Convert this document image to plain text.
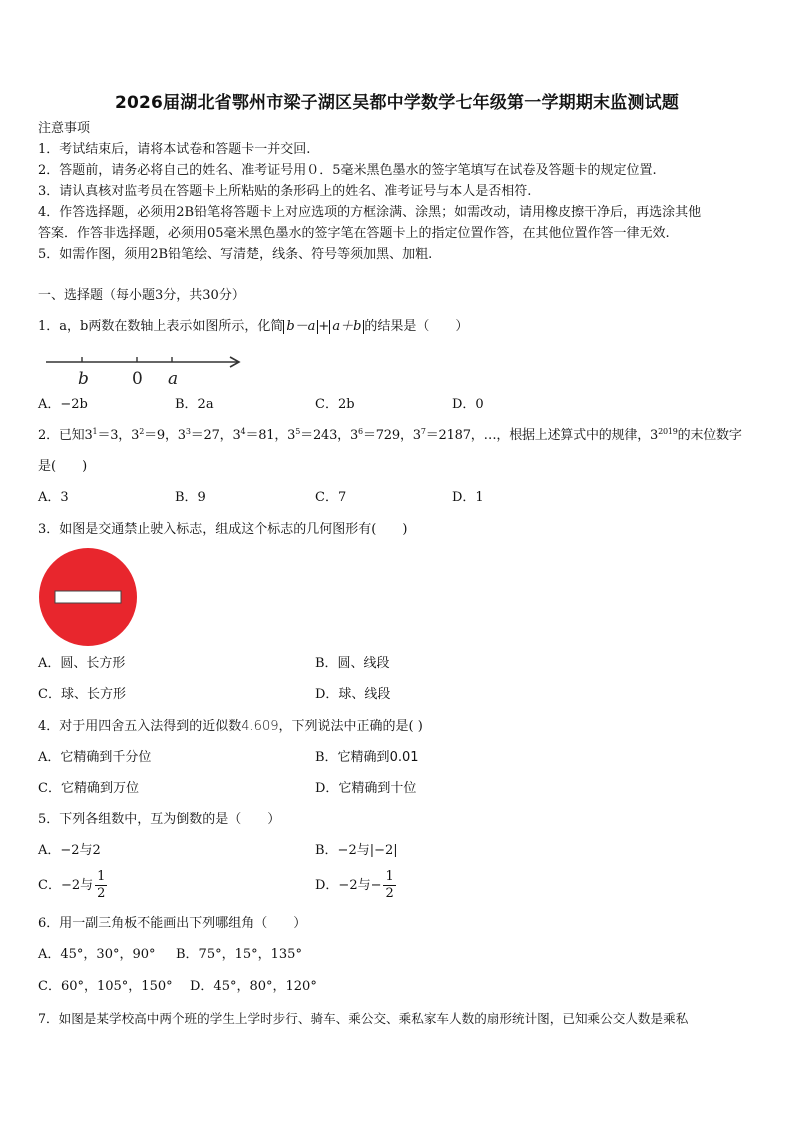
2026届湖北省鄂州市梁子湖区吴都中学数学七年级第一学期期末监测试题
注意事项
1．考试结束后，请将本试卷和答题卡一并交回.
2．答题前，请务必将自己的姓名、准考证号用０．5毫米黑色墨水的签字笔填写在试卷及答题卡的规定位置.
3．请认真核对监考员在答题卡上所粘贴的条形码上的姓名、准考证号与本人是否相符.
4．作答选择题，必须用2B铅笔将答题卡上对应选项的方框涂满、涂黑；如需改动，请用橡皮擦干净后，再选涂其他
答案．作答非选择题，必须用05毫米黑色墨水的签字笔在答题卡上的指定位置作答，在其他位置作答一律无效.
5．如需作图，须用2B铅笔绘、写清楚，线条、符号等须加黑、加粗.
一、选择题（每小题3分，共30分）
1．a，b两数在数轴上表示如图所示，化简 b－a + a＋b 的结果是（　　）
b	0 a
A．−2b	B．2a	C．2b	D．0
2．已知$3^1=3$，$3^2=9$，$3^3=27$，$3^4=81$，$3^5=243$，$3^6=729$，$3^7=2187$，…，根据上述算式中的规律，$3^{2019}$的末位数字
是(　　)
A．3	B．9	C．7	D．1
3．如图是交通禁止驶入标志，组成这个标志的几何图形有(　　)
A．圆、长方形	B．圆、线段
C．球、长方形	D．球、线段
4．对于用四舍五入法得到的近似数4.609，下列说法中正确的是( )
A．它精确到千分位	B．它精确到0.01
C．它精确到万位	D．它精确到十位
5．下列各组数中，互为倒数的是（　　）
A．−2与2	B．−2与|−2|
C．−2与 $\frac{1}{2}$	D．−2与− $\frac{1}{2}$
6．用一副三角板不能画出下列哪组角（　　）
A．45°，30°，90° B．75°，15°，135°
C．60°，105°，150° D．45°，80°，120°
7．如图是某学校高中两个班的学生上学时步行、骑车、乘公交、乘私家车人数的扇形统计图，已知乘公交人数是乘私
